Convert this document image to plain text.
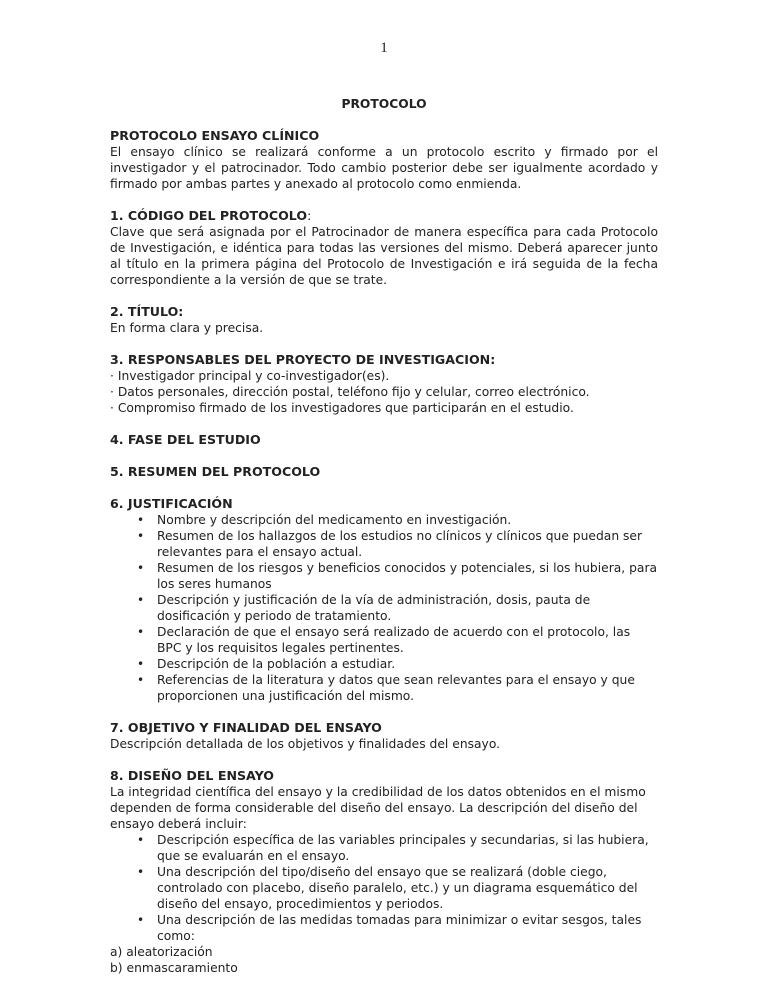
1
PROTOCOLO

PROTOCOLO ENSAYO CLÍNICO

El ensayo clínico se realizará conforme a un protocolo escrito y firmado por el investigador y el patrocinador. Todo cambio posterior debe ser igualmente acordado y firmado por ambas partes y anexado al protocolo como enmienda.

1. CÓDIGO DEL PROTOCOLO:

Clave que será asignada por el Patrocinador de manera específica para cada Protocolo de Investigación, e idéntica para todas las versiones del mismo. Deberá aparecer junto al título en la primera página del Protocolo de Investigación e irá seguida de la fecha correspondiente a la versión de que se trate.

2. TÍTULO:

En forma clara y precisa.

3. RESPONSABLES DEL PROYECTO DE INVESTIGACION:

· Investigador principal y co-investigador(es).

· Datos personales, dirección postal, teléfono fijo y celular, correo electrónico.

· Compromiso firmado de los investigadores que participarán en el estudio.

4. FASE DEL ESTUDIO

5. RESUMEN DEL PROTOCOLO

6. JUSTIFICACIÓN

• Nombre y descripción del medicamento en investigación.
• Resumen de los hallazgos de los estudios no clínicos y clínicos que puedan ser relevantes para el ensayo actual.
• Resumen de los riesgos y beneficios conocidos y potenciales, si los hubiera, para los seres humanos
• Descripción y justificación de la vía de administración, dosis, pauta de dosificación y periodo de tratamiento.
• Declaración de que el ensayo será realizado de acuerdo con el protocolo, las BPC y los requisitos legales pertinentes.
• Descripción de la población a estudiar.
• Referencias de la literatura y datos que sean relevantes para el ensayo y que proporcionen una justificación del mismo.

7. OBJETIVO Y FINALIDAD DEL ENSAYO

Descripción detallada de los objetivos y finalidades del ensayo.

8. DISEÑO DEL ENSAYO

La integridad científica del ensayo y la credibilidad de los datos obtenidos en el mismo dependen de forma considerable del diseño del ensayo. La descripción del diseño del ensayo deberá incluir:

• Descripción específica de las variables principales y secundarias, si las hubiera, que se evaluarán en el ensayo.
• Una descripción del tipo/diseño del ensayo que se realizará (doble ciego, controlado con placebo, diseño paralelo, etc.) y un diagrama esquemático del diseño del ensayo, procedimientos y periodos.
• Una descripción de las medidas tomadas para minimizar o evitar sesgos, tales como:

a) aleatorización

b) enmascaramiento
